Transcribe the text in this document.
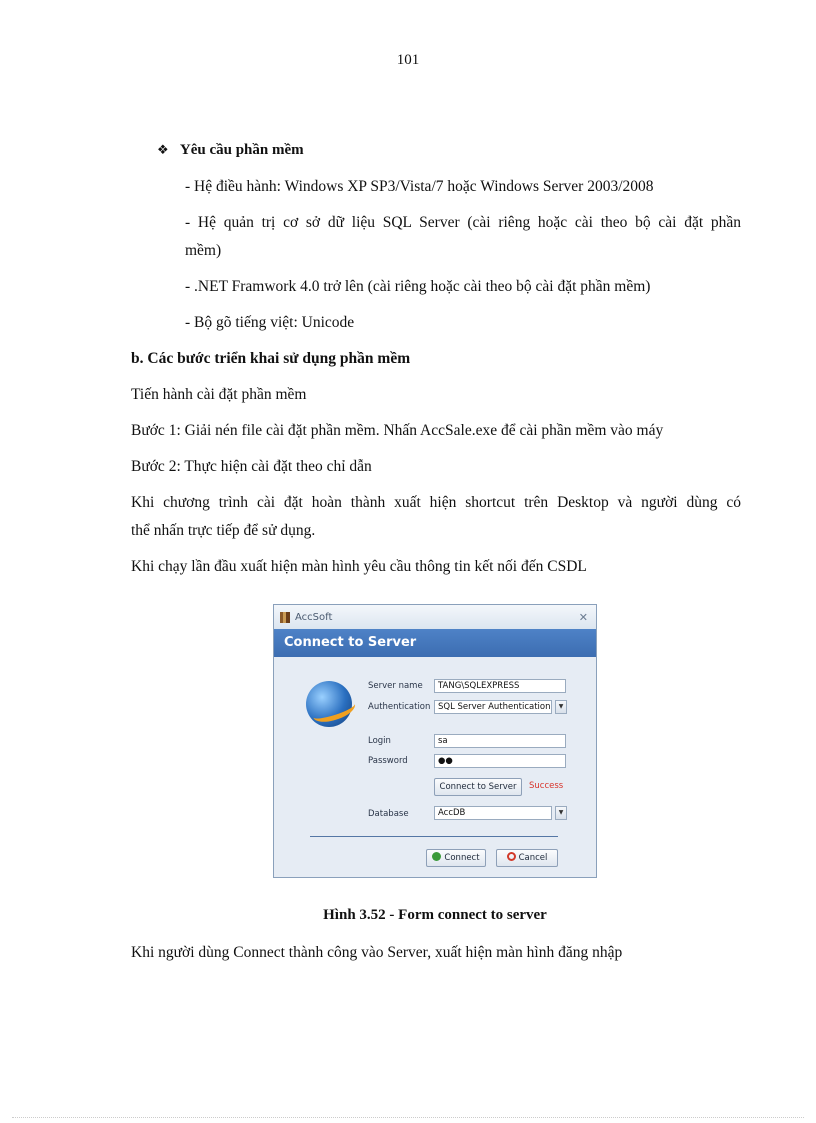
101
❖ Yêu cầu phần mềm
- Hệ điều hành: Windows XP SP3/Vista/7 hoặc Windows Server 2003/2008
- Hệ quản trị cơ sở dữ liệu SQL Server (cài riêng hoặc cài theo bộ cài đặt phần
mềm)
- .NET Framwork 4.0 trở lên (cài riêng hoặc cài theo bộ cài đặt phần mềm)
- Bộ gõ tiếng việt: Unicode
b. Các bước triển khai sử dụng phần mềm
Tiến hành cài đặt phần mềm
Bước 1: Giải nén file cài đặt phần mềm. Nhấn AccSale.exe để cài phần mềm vào máy
Bước 2: Thực hiện cài đặt theo chỉ dẫn
Khi chương trình cài đặt hoàn thành xuất hiện shortcut trên Desktop và người dùng có
thể nhấn trực tiếp để sử dụng.
Khi chạy lần đầu xuất hiện màn hình yêu cầu thông tin kết nối đến CSDL
AccSoft	✕
Connect to Server
Server name	TANG\SQLEXPRESS
Authentication SQL Server Authentication	▼
Login	sa
Password	●●
Connect to Server	Success
Database	AccDB	▼
Connect	Cancel
Hình 3.52 - Form connect to server
Khi người dùng Connect thành công vào Server, xuất hiện màn hình đăng nhập
